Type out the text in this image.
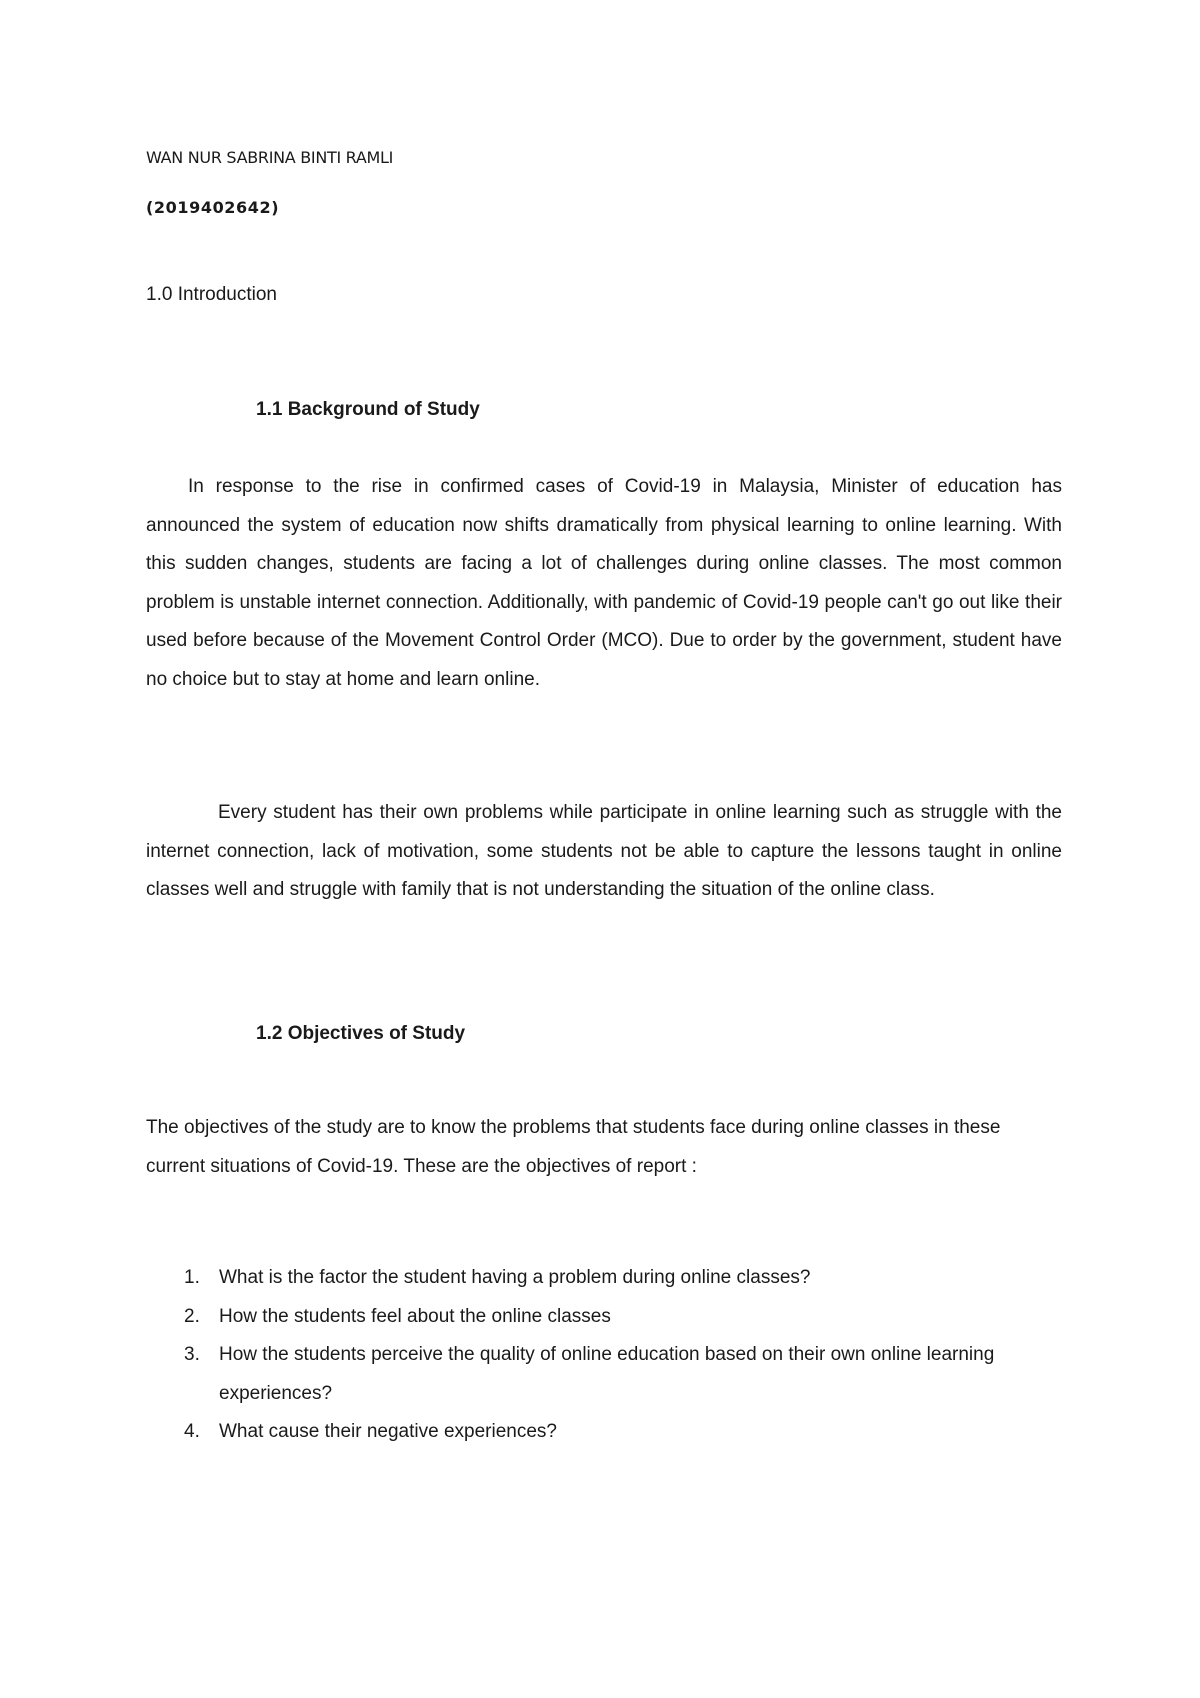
WAN NUR SABRINA BINTI RAMLI
(2019402642)
1.0 Introduction
1.1 Background of Study

In response to the rise in confirmed cases of Covid-19 in Malaysia, Minister of education has announced the system of education now shifts dramatically from physical learning to online learning. With this sudden changes, students are facing a lot of challenges during online classes. The most common problem is unstable internet connection. Additionally, with pandemic of Covid-19 people can't go out like their used before because of the Movement Control Order (MCO). Due to order by the government, student have no choice but to stay at home and learn online.

Every student has their own problems while participate in online learning such as struggle with the internet connection, lack of motivation, some students not be able to capture the lessons taught in online classes well and struggle with family that is not understanding the situation of the online class.

1.2 Objectives of Study

The objectives of the study are to know the problems that students face during online classes in these current situations of Covid-19. These are the objectives of report :

1. What is the factor the student having a problem during online classes?
2. How the students feel about the online classes
3. How the students perceive the quality of online education based on their own online learning experiences?
4. What cause their negative experiences?
